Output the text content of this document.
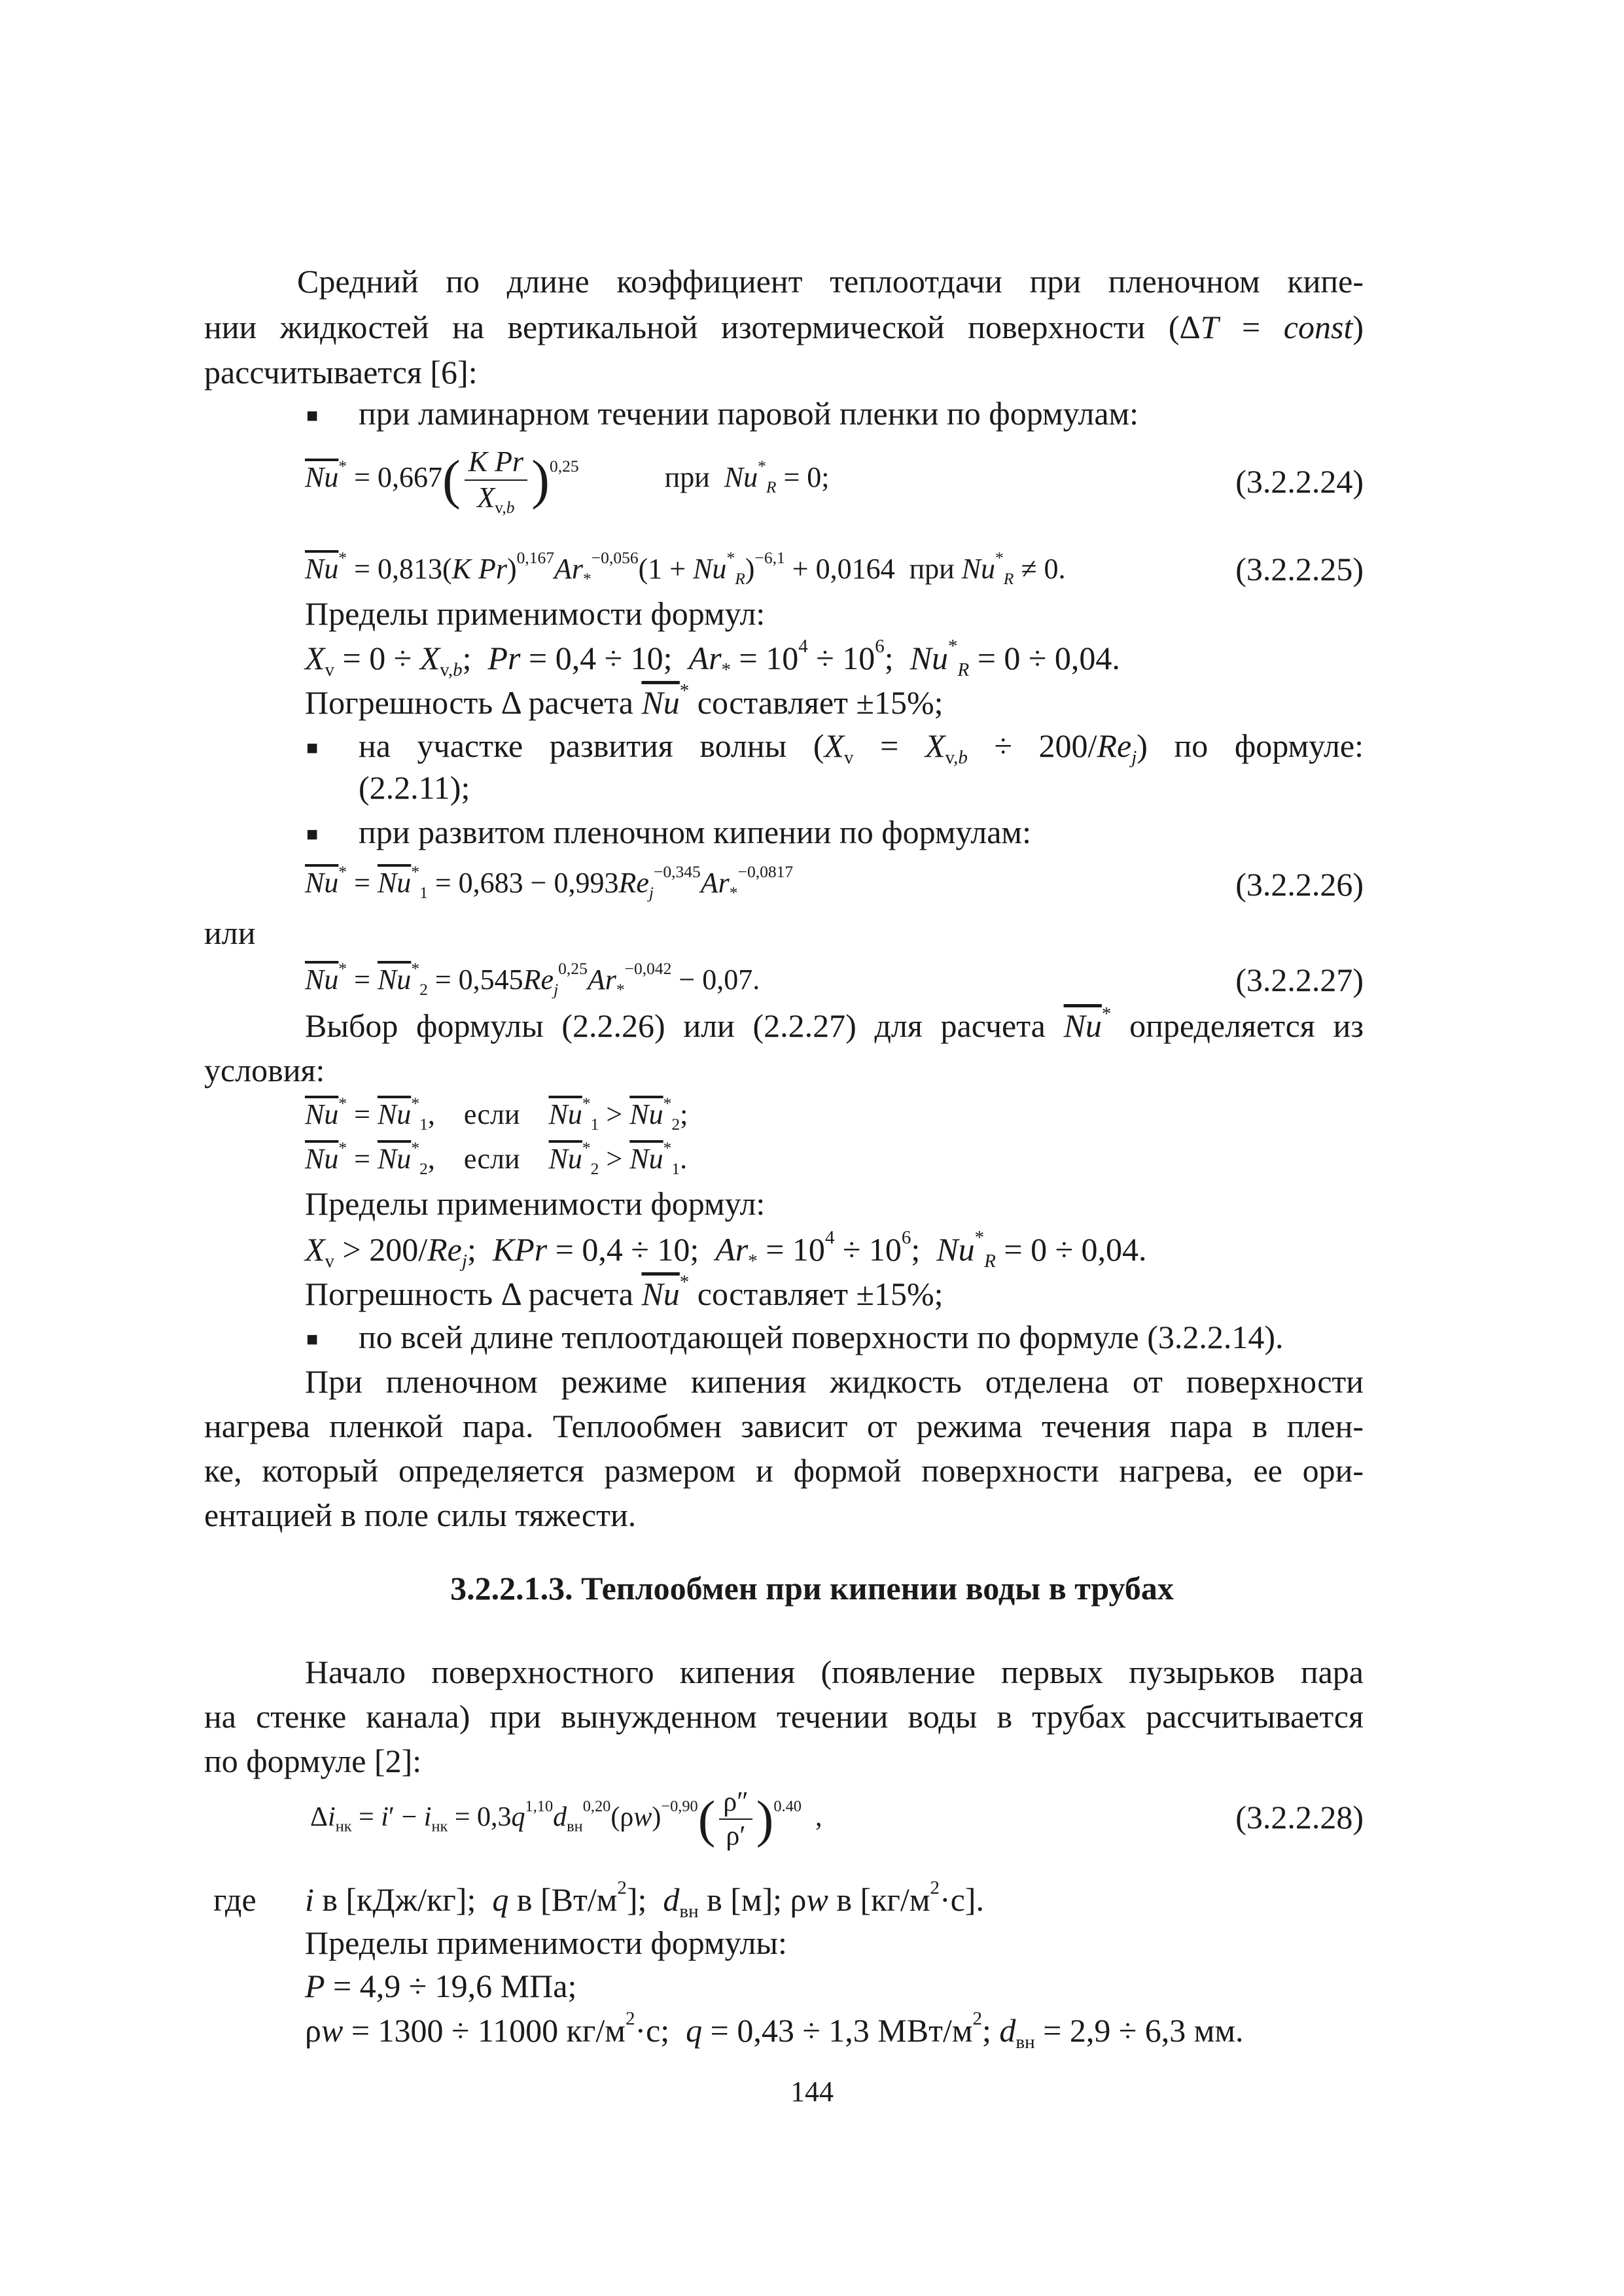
Средний по длине коэффициент теплоотдачи при пленочном кипе-
нии жидкостей на вертикальной изотермической поверхности (ΔT = const)
рассчитывается [6]:
■ при ламинарном течении паровой пленки по формулам:
$\overline{Nu}^* = 0,667( \frac{\text{K Pr}}{X_{v,b}} )^{0,25}$	при $Nu^*_R = 0$;	(3.2.2.24)
$\overline{Nu}^* = 0,813(K$ $Pr)^{0,167}Ar_*^{-0,056}(1 + Nu^*_R)^{-6,1} + 0,0164$  при $Nu^*_R \ne 0$.	(3.2.2.25)
Пределы применимости формул:
$X_v = 0 \div X_{v,b}$;  Pr = 0,4 ÷ 10;  $Ar_* = 10^4 \div 10^6$;  $Nu^*_R = 0 \div 0,04$.
Погрешность Δ расчета $\overline{Nu}^*$ составляет ±15%;
■ на участке развития волны $(X_v = X_{v,b} \div 200/Re_j)$ по формуле:
(2.2.11);
■ при развитом пленочном кипении по формулам:
$\overline{Nu}^* = \overline{Nu}^*_1 = 0,683 - 0,993Re_j^{-0,345}Ar_*^{-0,0817}$	(3.2.2.26)
или
$\overline{Nu}^* = \overline{Nu}^*_2 = 0,545Re_j^{0,25}Ar_*^{-0,042} - 0,07$.	(3.2.2.27)
Выбор формулы (2.2.26) или (2.2.27) для расчета $\overline{Nu}^*$ определяется из
условия:
$\overline{Nu}^* = \overline{Nu}^*_1$,    если $\overline{Nu}^*_1 > \overline{Nu}^*_2$;
$\overline{Nu}^* = \overline{Nu}^*_2$,    если $\overline{Nu}^*_2 > \overline{Nu}^*_1$.
Пределы применимости формул:
$X_v > 200/Re_j$;  KPr = 0,4 ÷ 10;  $Ar_* = 10^4 \div 10^6$;  $Nu^*_R = 0 \div 0,04$.
Погрешность Δ расчета $\overline{Nu}^*$ составляет ±15%;
■ по всей длине теплоотдающей поверхности по формуле (3.2.2.14).
При пленочном режиме кипения жидкость отделена от поверхности
нагрева пленкой пара. Теплообмен зависит от режима течения пара в плен-
ке, который определяется размером и формой поверхности нагрева, ее ори-
ентацией в поле силы тяжести.
3.2.2.1.3. Теплообмен при кипении воды в трубах
Начало поверхностного кипения (появление первых пузырьков пара
на стенке канала) при вынужденном течении воды в трубах рассчитывается
по формуле [2]:
$\Delta i_{нк} = i' - i_{нк} = 0,3q^{1,10}d_{вн}^{0,20}(\rho w)^{-0,90}( \frac{\rho''}{\rho'} )^{0.40}$  ,	(3.2.2.28)
где i в [кДж/кг];  q в $[Вт/м^2]$;  $d_{вн}$ в [м]; ρw в $[кг/м^2\cdot с]$.
Пределы применимости формулы:
P = 4,9 ÷ 19,6 МПа;
ρw = 1300 ÷ 11000 $кг/м^2\cdot с$;  q = 0,43 ÷ 1,3 МВт/$м^2$; $d_{вн} = 2,9 \div 6,3$ мм.
144
